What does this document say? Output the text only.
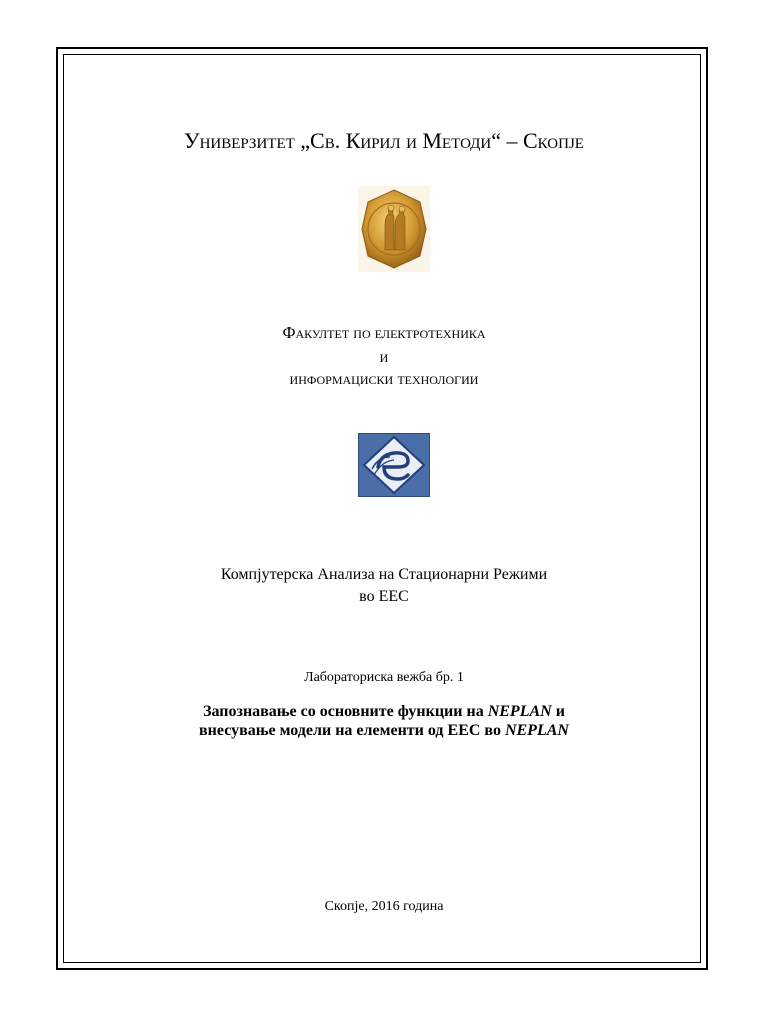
Универзитет „Св. Кирил и Методи“ – Скопје
Факултет по електротехника
и
информациски технологии
Компјутерска Анализа на Стационарни Режими
во ЕЕС
Лабораториска вежба бр. 1
Запознавање со основните функции на NEPLAN и
внесување модели на елементи од ЕЕС во NEPLAN
Скопје, 2016 година
